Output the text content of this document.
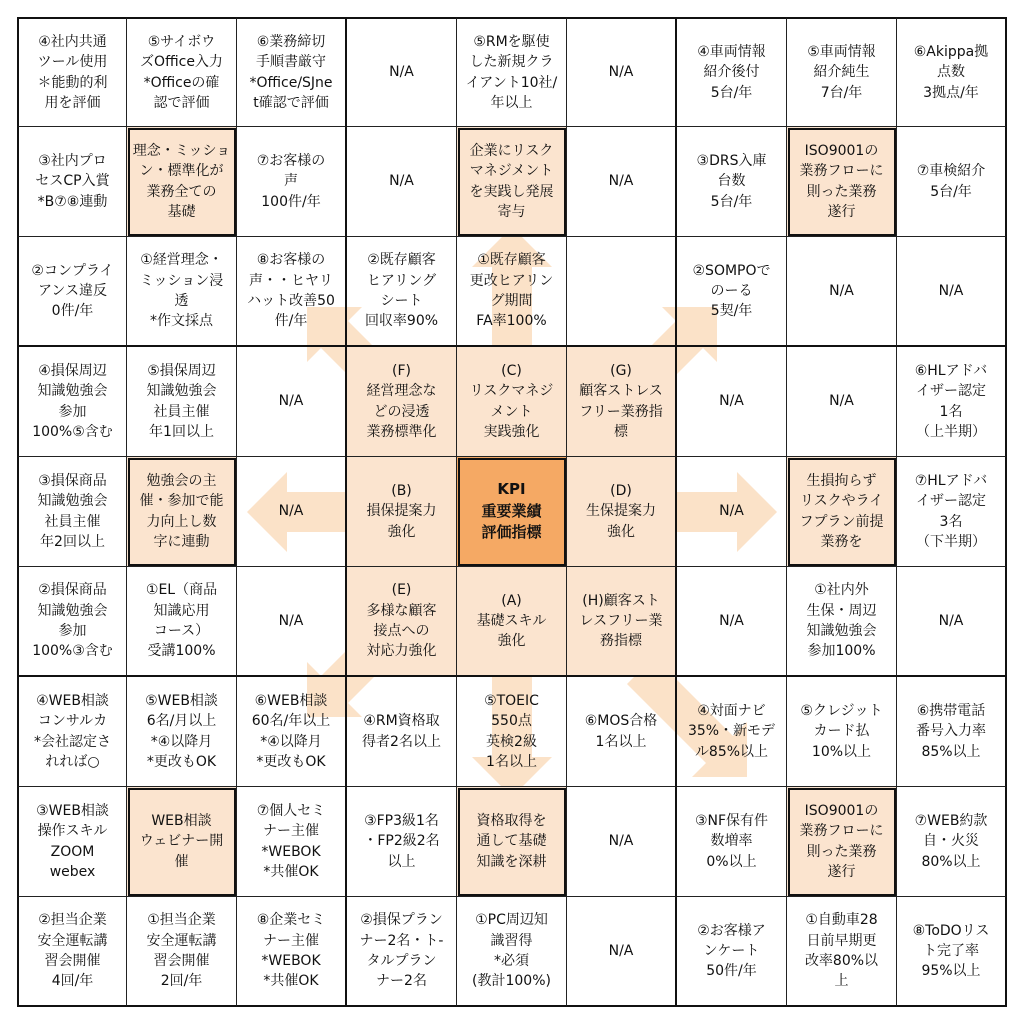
④社内共通
ツール使用
＊能動的利
用を評価
⑤サイボウ
ズOffice入力
*Officeの確
認で評価
⑥業務締切
手順書厳守
*Office/SJne
t確認で評価
N/A
⑤RMを駆使
した新規クラ
イアント10社/
年以上
N/A
④車両情報
紹介後付
5台/年
⑤車両情報
紹介純生
7台/年
⑥Akippa拠
点数
3拠点/年
③社内プロ
セスCP入賞
*B⑦⑧連動
理念・ミッショ
ン・標準化が
業務全ての
基礎
⑦お客様の
声
100件/年
N/A
企業にリスク
マネジメント
を実践し発展
寄与
N/A
③DRS入庫
台数
5台/年
ISO9001の
業務フローに
則った業務
遂行
⑦車検紹介
5台/年
②コンプライ
アンス違反
0件/年
①経営理念・
ミッション浸
透
*作文採点
⑧お客様の
声・・ヒヤリ
ハット改善50
件/年
②既存顧客
ヒアリング
シート
回収率90%
①既存顧客
更改ヒアリン
グ期間
FA率100%
②SOMPOで
のーる
5契/年
N/A	N/A
④損保周辺
知識勉強会
参加
100%⑤含む
⑤損保周辺
知識勉強会
社員主催
年1回以上
N/A
(F)
経営理念な
どの浸透
業務標準化
(C)
リスクマネジ
メント
実践強化
(G)
顧客ストレス
フリー業務指
標
N/A	N/A
⑥HLアドバ
イザー認定
1名
（上半期）
③損保商品
知識勉強会
社員主催
年2回以上
勉強会の主
催・参加で能
力向上し数
字に連動
N/A
(B)
損保提案力
強化
KPI
重要業績
評価指標
(D)
生保提案力
強化
N/A
生損拘らず
リスクやライ
フプラン前提
業務を
⑦HLアドバ
イザー認定
3名
（下半期）
②損保商品
知識勉強会
参加
100%③含む
①EL（商品
知識応用
コース）
受講100%
N/A
(E)
多様な顧客
接点への
対応力強化
(A)
基礎スキル
強化
(H)顧客スト
レスフリー業
務指標
N/A
①社内外
生保・周辺
知識勉強会
参加100%
N/A
④WEB相談
コンサルカ
*会社認定さ
れれば○
⑤WEB相談
6名/月以上
*④以降月
*更改もOK
⑥WEB相談
60名/年以上
*④以降月
*更改もOK
④RM資格取
得者2名以上
⑤TOEIC
550点
英検2級
1名以上
⑥MOS合格
1名以上
④対面ナビ
35%・新モデ
ル85%以上
⑤クレジット
カード払
10%以上
⑥携帯電話
番号入力率
85%以上
③WEB相談
操作スキル
ZOOM
webex
WEB相談
ウェビナー開
催
⑦個人セミ
ナー主催
*WEBOK
*共催OK
③FP3級1名
・FP2級2名
以上
資格取得を
通して基礎
知識を深耕
N/A
③NF保有件
数増率
0%以上
ISO9001の
業務フローに
則った業務
遂行
⑦WEB約款
自・火災
80%以上
②担当企業
安全運転講
習会開催
4回/年
①担当企業
安全運転講
習会開催
2回/年
⑧企業セミ
ナー主催
*WEBOK
*共催OK
②損保プラン
ナー2名・ト-
タルプラン
ナー2名
①PC周辺知
識習得
*必須
(教計100%)
N/A
②お客様ア
ンケート
50件/年
①自動車28
日前早期更
改率80%以
上
⑧ToDOリス
ト完了率
95%以上
